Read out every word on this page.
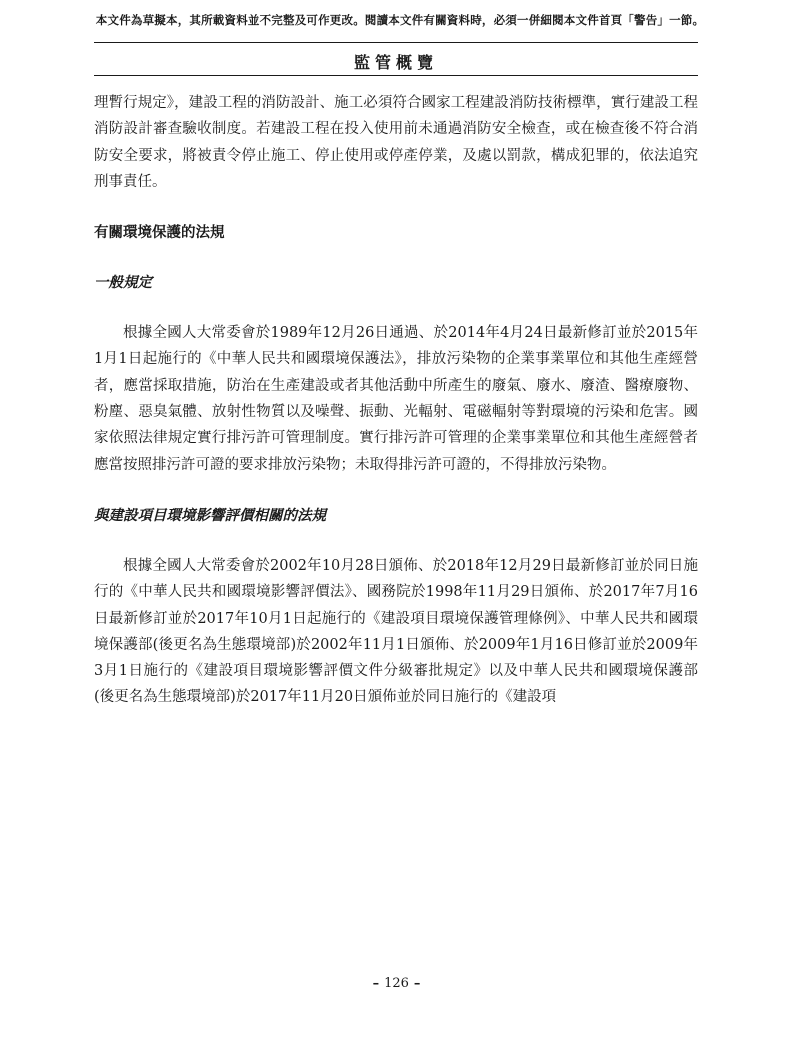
本文件為草擬本，其所載資料並不完整及可作更改。閱讀本文件有關資料時，必須一併細閱本文件首頁「警告」一節。
監管概覽

理暫行規定》，建設工程的消防設計、施工必須符合國家工程建設消防技術標準，實行建設工程消防設計審查驗收制度。若建設工程在投入使用前未通過消防安全檢查，或在檢查後不符合消防安全要求，將被責令停止施工、停止使用或停產停業，及處以罰款，構成犯罪的，依法追究刑事責任。

有關環境保護的法規

一般規定

根據全國人大常委會於1989年12月26日通過、於2014年4月24日最新修訂並於2015年1月1日起施行的《中華人民共和國環境保護法》，排放污染物的企業事業單位和其他生產經營者，應當採取措施，防治在生產建設或者其他活動中所產生的廢氣、廢水、廢渣、醫療廢物、粉塵、惡臭氣體、放射性物質以及噪聲、振動、光輻射、電磁輻射等對環境的污染和危害。國家依照法律規定實行排污許可管理制度。實行排污許可管理的企業事業單位和其他生產經營者應當按照排污許可證的要求排放污染物；未取得排污許可證的，不得排放污染物。

與建設項目環境影響評價相關的法規

根據全國人大常委會於2002年10月28日頒佈、於2018年12月29日最新修訂並於同日施行的《中華人民共和國環境影響評價法》、國務院於1998年11月29日頒佈、於2017年7月16日最新修訂並於2017年10月1日起施行的《建設項目環境保護管理條例》、中華人民共和國環境保護部(後更名為生態環境部)於2002年11月1日頒佈、於2009年1月16日修訂並於2009年3月1日施行的《建設項目環境影響評價文件分級審批規定》以及中華人民共和國環境保護部(後更名為生態環境部)於2017年11月20日頒佈並於同日施行的《建設項

– 126 –
